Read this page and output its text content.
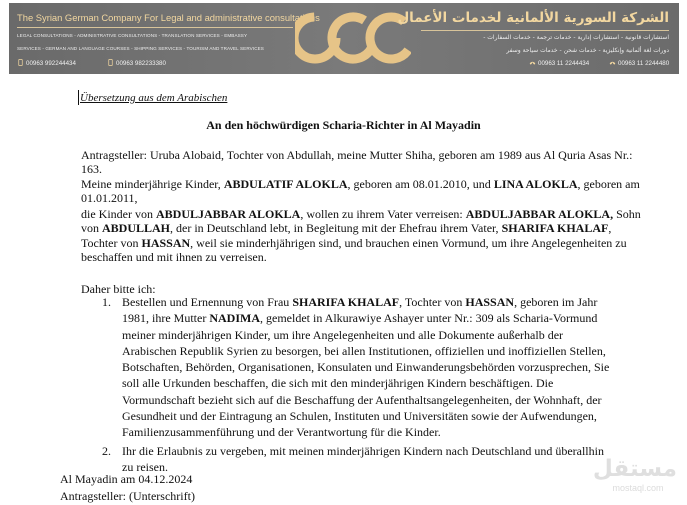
The Syrian German Company For Legal and administrative consultations
LEGAL CONSULTATIONS - ADMINISTRATIVE CONSULTATIONS - TRANSLATION SERVICES - EMBASSY
SERVICES - GERMAN AND LANGUAGE COURSES - SHIPPING SERVICES - TOURISM AND TRAVEL SERVICES
00963 992244434	00963 982233380
الشركة السورية الألمانية لخدمات الأعمال
استشارات قانونية - استشارات إدارية - خدمات ترجمة - خدمات السفارات -
دورات لغة ألمانية وإنكليزية - خدمات شحن - خدمات سياحة وسفر
00963 11 2244434	00963 11 2244480
Übersetzung aus dem Arabischen
An den höchwürdigen Scharia-Richter in Al Mayadin
Antragsteller: Uruba Alobaid, Tochter von Abdullah, meine Mutter Shiha, geboren am 1989 aus Al Quria Asas Nr.: 163.
Meine minderjährige Kinder, ABDULATIF ALOKLA, geboren am 08.01.2010, und LINA ALOKLA, geboren am 01.01.2011,
die Kinder von ABDULJABBAR ALOKLA, wollen zu ihrem Vater verreisen: ABDULJABBAR ALOKLA, Sohn von ABDULLAH, der in Deutschland lebt, in Begleitung mit der Ehefrau ihrem Vater, SHARIFA KHALAF, Tochter von HASSAN, weil sie minderhjährigen sind, und brauchen einen Vormund, um ihre Angelegenheiten zu beschaffen und mit ihnen zu verreisen.
Daher bitte ich:
1. Bestellen und Ernennung von Frau SHARIFA KHALAF, Tochter von HASSAN, geboren im Jahr 1981, ihre Mutter NADIMA, gemeldet in Alkurawiye Ashayer unter Nr.: 309 als Scharia-Vormund meiner minderjährigen Kinder, um ihre Angelegenheiten und alle Dokumente außerhalb der Arabischen Republik Syrien zu besorgen, bei allen Institutionen, offiziellen und inoffiziellen Stellen, Botschaften, Behörden, Organisationen, Konsulaten und Einwanderungsbehörden vorzusprechen, Sie soll alle Urkunden beschaffen, die sich mit den minderjährigen Kindern beschäftigen. Die Vormundschaft bezieht sich auf die Beschaffung der Aufenthaltsangelegenheiten, der Wohnhaft, der Gesundheit und der Eintragung an Schulen, Instituten und Universitäten sowie der Aufwendungen, Familienzusammenführung und der Verantwortung für die Kinder.
2. Ihr die Erlaubnis zu vergeben, mit meinen minderjährigen Kindern nach Deutschland und überallhin zu reisen.
Al Mayadin am 04.12.2024
Antragsteller: (Unterschrift)
مستقل
mostaql.com
